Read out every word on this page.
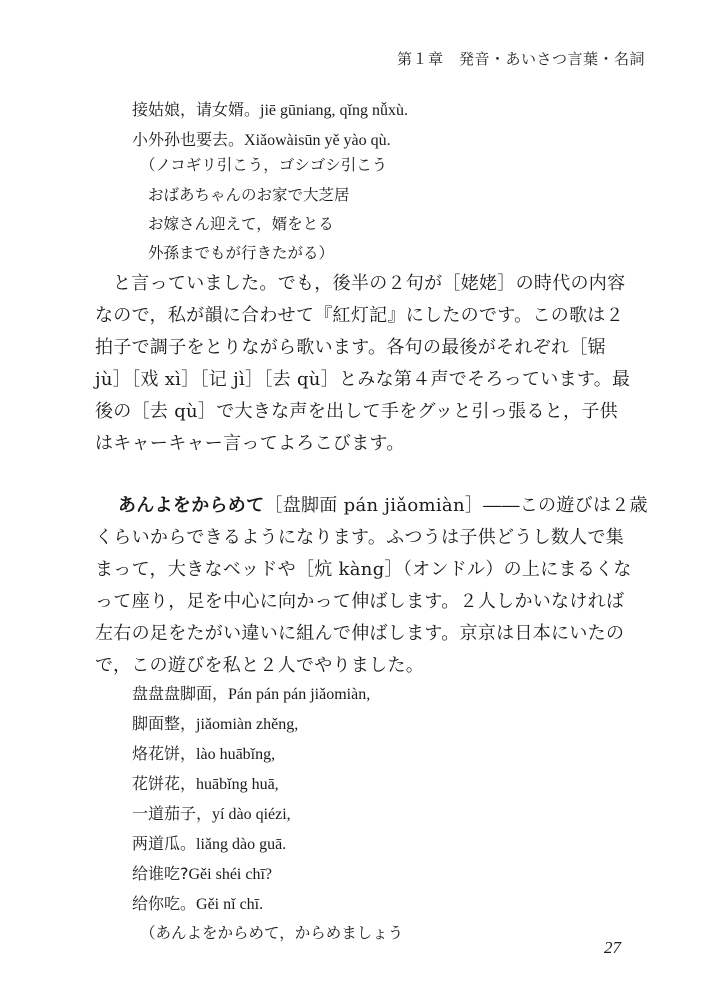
第１章　発音・あいさつ言葉・名詞
接姑娘，请女婿。jiē gūniang, qǐng nǚxù.
小外孙也要去。Xiǎowàisūn yě yào qù.
（ノコギリ引こう，ゴシゴシ引こう
おばあちゃんのお家で大芝居
お嫁さん迎えて，婿をとる
外孫までもが行きたがる）
と言っていました。でも，後半の２句が［姥姥］の時代の内容
なので，私が韻に合わせて『紅灯記』にしたのです。この歌は２
拍子で調子をとりながら歌います。各句の最後がそれぞれ［锯
jù］［戏 xì］［记 jì］［去 qù］とみな第４声でそろっています。最
後の［去 qù］で大きな声を出して手をグッと引っ張ると，子供
はキャーキャー言ってよろこびます。
あんよをからめて［盘脚面 pán jiǎomiàn］――この遊びは２歳
くらいからできるようになります。ふつうは子供どうし数人で集
まって，大きなベッドや［炕 kàng］（オンドル）の上にまるくな
って座り，足を中心に向かって伸ばします。２人しかいなければ
左右の足をたがい違いに組んで伸ばします。京京は日本にいたの
で，この遊びを私と２人でやりました。
盘盘盘脚面，Pán pán pán jiǎomiàn,
脚面整，jiǎomiàn zhěng,
烙花饼，lào huābǐng,
花饼花，huābǐng huā,
一道茄子，yí dào qiézi,
两道瓜。liǎng dào guā.
给谁吃?Gěi shéi chī?
给你吃。Gěi nǐ chī.
（あんよをからめて，からめましょう
27
